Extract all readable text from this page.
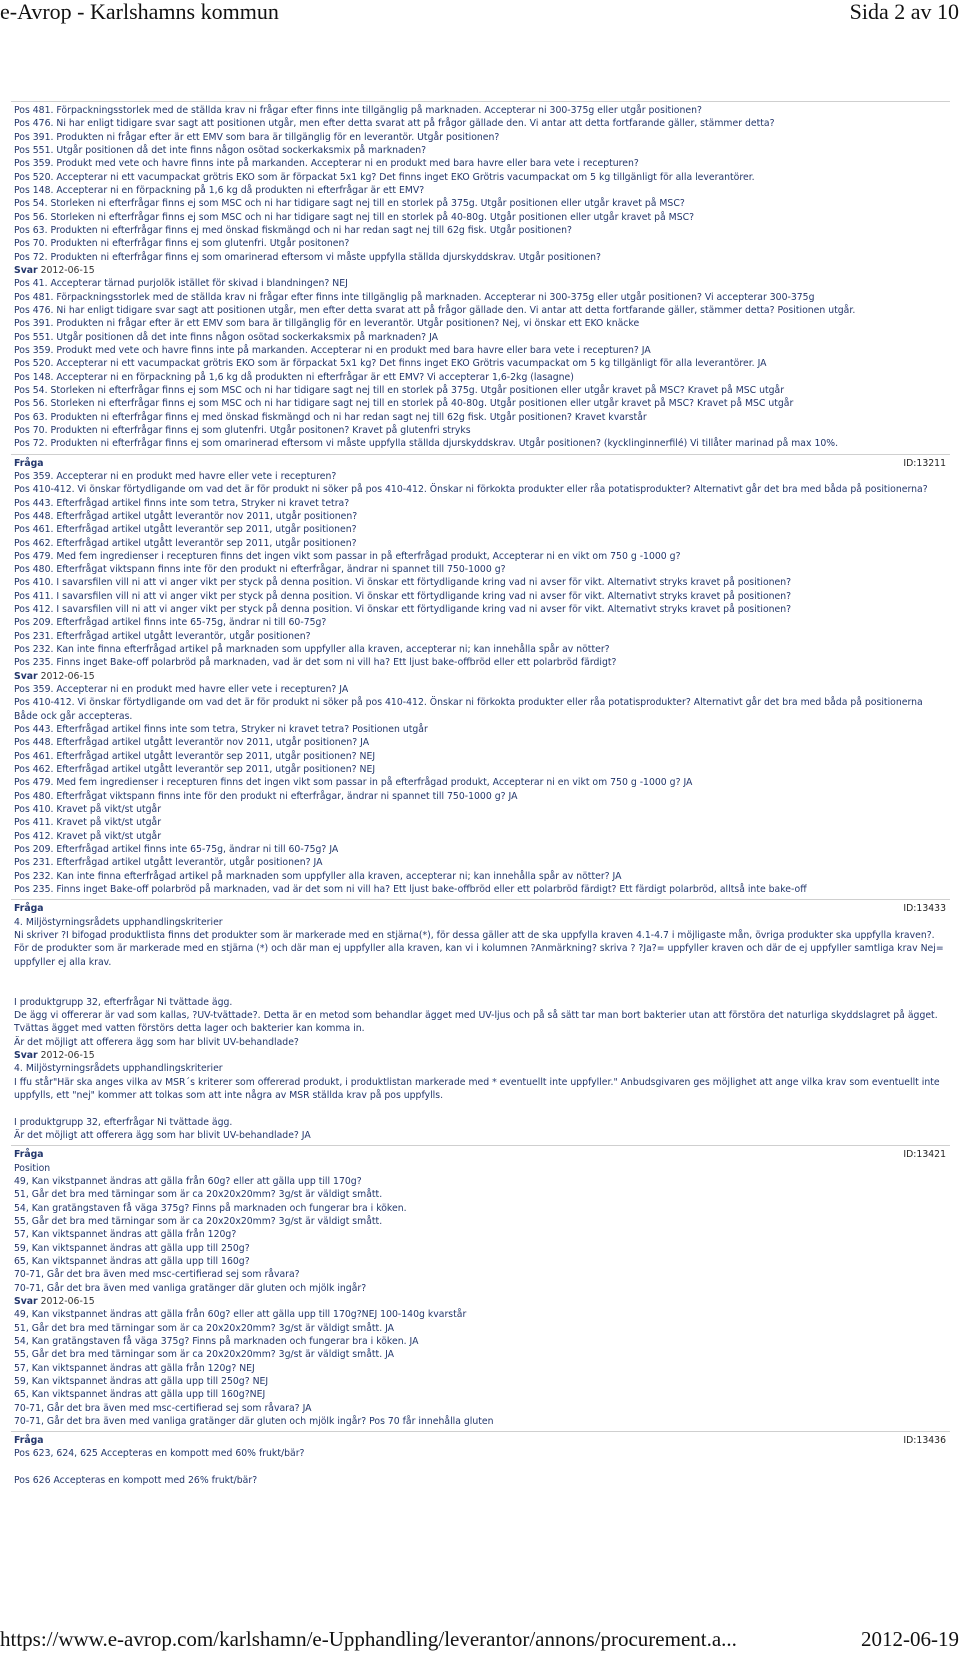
e-Avrop - Karlshamns kommun	Sida 2 av 10
Pos 481. Förpackningsstorlek med de ställda krav ni frågar efter finns inte tillgänglig på marknaden. Accepterar ni 300-375g eller utgår positionen?
Pos 476. Ni har enligt tidigare svar sagt att positionen utgår, men efter detta svarat att på frågor gällade den. Vi antar att detta fortfarande gäller, stämmer detta?
Pos 391. Produkten ni frågar efter är ett EMV som bara är tillgänglig för en leverantör. Utgår positionen?
Pos 551. Utgår positionen då det inte finns någon osötad sockerkaksmix på marknaden?
Pos 359. Produkt med vete och havre finns inte på markanden. Accepterar ni en produkt med bara havre eller bara vete i recepturen?
Pos 520. Accepterar ni ett vacumpackat grötris EKO som är förpackat 5x1 kg? Det finns inget EKO Grötris vacumpackat om 5 kg tillgänligt för alla leverantörer.
Pos 148. Accepterar ni en förpackning på 1,6 kg då produkten ni efterfrågar är ett EMV?
Pos 54. Storleken ni efterfrågar finns ej som MSC och ni har tidigare sagt nej till en storlek på 375g. Utgår positionen eller utgår kravet på MSC?
Pos 56. Storleken ni efterfrågar finns ej som MSC och ni har tidigare sagt nej till en storlek på 40-80g. Utgår positionen eller utgår kravet på MSC?
Pos 63. Produkten ni efterfrågar finns ej med önskad fiskmängd och ni har redan sagt nej till 62g fisk. Utgår positionen?
Pos 70. Produkten ni efterfrågar finns ej som glutenfri. Utgår positonen?
Pos 72. Produkten ni efterfrågar finns ej som omarinerad eftersom vi måste uppfylla ställda djurskyddskrav. Utgår positionen?
Svar 2012-06-15
Pos 41. Accepterar tärnad purjolök istället för skivad i blandningen? NEJ
Pos 481. Förpackningsstorlek med de ställda krav ni frågar efter finns inte tillgänglig på marknaden. Accepterar ni 300-375g eller utgår positionen? Vi accepterar 300-375g
Pos 476. Ni har enligt tidigare svar sagt att positionen utgår, men efter detta svarat att på frågor gällade den. Vi antar att detta fortfarande gäller, stämmer detta? Positionen utgår.
Pos 391. Produkten ni frågar efter är ett EMV som bara är tillgänglig för en leverantör. Utgår positionen? Nej, vi önskar ett EKO knäcke
Pos 551. Utgår positionen då det inte finns någon osötad sockerkaksmix på marknaden? JA
Pos 359. Produkt med vete och havre finns inte på markanden. Accepterar ni en produkt med bara havre eller bara vete i recepturen? JA
Pos 520. Accepterar ni ett vacumpackat grötris EKO som är förpackat 5x1 kg? Det finns inget EKO Grötris vacumpackat om 5 kg tillgänligt för alla leverantörer. JA
Pos 148. Accepterar ni en förpackning på 1,6 kg då produkten ni efterfrågar är ett EMV? Vi accepterar 1,6-2kg (lasagne)
Pos 54. Storleken ni efterfrågar finns ej som MSC och ni har tidigare sagt nej till en storlek på 375g. Utgår positionen eller utgår kravet på MSC? Kravet på MSC utgår
Pos 56. Storleken ni efterfrågar finns ej som MSC och ni har tidigare sagt nej till en storlek på 40-80g. Utgår positionen eller utgår kravet på MSC? Kravet på MSC utgår
Pos 63. Produkten ni efterfrågar finns ej med önskad fiskmängd och ni har redan sagt nej till 62g fisk. Utgår positionen? Kravet kvarstår
Pos 70. Produkten ni efterfrågar finns ej som glutenfri. Utgår positonen? Kravet på glutenfri stryks
Pos 72. Produkten ni efterfrågar finns ej som omarinerad eftersom vi måste uppfylla ställda djurskyddskrav. Utgår positionen? (kycklinginnerfilé) Vi tillåter marinad på max 10%.
Fråga	ID:13211
Pos 359. Accepterar ni en produkt med havre eller vete i recepturen?
Pos 410-412. Vi önskar förtydligande om vad det är för produkt ni söker på pos 410-412. Önskar ni förkokta produkter eller råa potatisprodukter? Alternativt går det bra med båda på positionerna?
Pos 443. Efterfrågad artikel finns inte som tetra, Stryker ni kravet tetra?
Pos 448. Efterfrågad artikel utgått leverantör nov 2011, utgår positionen?
Pos 461. Efterfrågad artikel utgått leverantör sep 2011, utgår positionen?
Pos 462. Efterfrågad artikel utgått leverantör sep 2011, utgår positionen?
Pos 479. Med fem ingredienser i recepturen finns det ingen vikt som passar in på efterfrågad produkt, Accepterar ni en vikt om 750 g -1000 g?
Pos 480. Efterfrågat viktspann finns inte för den produkt ni efterfrågar, ändrar ni spannet till 750-1000 g?
Pos 410. I savarsfilen vill ni att vi anger vikt per styck på denna position. Vi önskar ett förtydligande kring vad ni avser för vikt. Alternativt stryks kravet på positionen?
Pos 411. I savarsfilen vill ni att vi anger vikt per styck på denna position. Vi önskar ett förtydligande kring vad ni avser för vikt. Alternativt stryks kravet på positionen?
Pos 412. I savarsfilen vill ni att vi anger vikt per styck på denna position. Vi önskar ett förtydligande kring vad ni avser för vikt. Alternativt stryks kravet på positionen?
Pos 209. Efterfrågad artikel finns inte 65-75g, ändrar ni till 60-75g?
Pos 231. Efterfrågad artikel utgått leverantör, utgår positionen?
Pos 232. Kan inte finna efterfrågad artikel på marknaden som uppfyller alla kraven, accepterar ni; kan innehålla spår av nötter?
Pos 235. Finns inget Bake-off polarbröd på marknaden, vad är det som ni vill ha? Ett ljust bake-offbröd eller ett polarbröd färdigt?
Svar 2012-06-15
Pos 359. Accepterar ni en produkt med havre eller vete i recepturen? JA
Pos 410-412. Vi önskar förtydligande om vad det är för produkt ni söker på pos 410-412. Önskar ni förkokta produkter eller råa potatisprodukter? Alternativt går det bra med båda på positionerna Både ock går accepteras.
Pos 443. Efterfrågad artikel finns inte som tetra, Stryker ni kravet tetra? Positionen utgår
Pos 448. Efterfrågad artikel utgått leverantör nov 2011, utgår positionen? JA
Pos 461. Efterfrågad artikel utgått leverantör sep 2011, utgår positionen? NEJ
Pos 462. Efterfrågad artikel utgått leverantör sep 2011, utgår positionen? NEJ
Pos 479. Med fem ingredienser i recepturen finns det ingen vikt som passar in på efterfrågad produkt, Accepterar ni en vikt om 750 g -1000 g? JA
Pos 480. Efterfrågat viktspann finns inte för den produkt ni efterfrågar, ändrar ni spannet till 750-1000 g? JA
Pos 410. Kravet på vikt/st utgår
Pos 411. Kravet på vikt/st utgår
Pos 412. Kravet på vikt/st utgår
Pos 209. Efterfrågad artikel finns inte 65-75g, ändrar ni till 60-75g? JA
Pos 231. Efterfrågad artikel utgått leverantör, utgår positionen? JA
Pos 232. Kan inte finna efterfrågad artikel på marknaden som uppfyller alla kraven, accepterar ni; kan innehålla spår av nötter? JA
Pos 235. Finns inget Bake-off polarbröd på marknaden, vad är det som ni vill ha? Ett ljust bake-offbröd eller ett polarbröd färdigt? Ett färdigt polarbröd, alltså inte bake-off
Fråga	ID:13433
4. Miljöstyrningsrådets upphandlingskriterier
Ni skriver ?I bifogad produktlista finns det produkter som är markerade med en stjärna(*), för dessa gäller att de ska uppfylla kraven 4.1-4.7 i möjligaste mån, övriga produkter ska uppfylla kraven?.
För de produkter som är markerade med en stjärna (*) och där man ej uppfyller alla kraven, kan vi i kolumnen ?Anmärkning? skriva ? ?Ja?= uppfyller kraven och där de ej uppfyller samtliga krav Nej= uppfyller ej alla krav.

I produktgrupp 32, efterfrågar Ni tvättade ägg.
De ägg vi offererar är vad som kallas, ?UV-tvättade?. Detta är en metod som behandlar ägget med UV-ljus och på så sätt tar man bort bakterier utan att förstöra det naturliga skyddslagret på ägget.
Tvättas ägget med vatten förstörs detta lager och bakterier kan komma in.
Är det möjligt att offerera ägg som har blivit UV-behandlade?
Svar 2012-06-15
4. Miljöstyrningsrådets upphandlingskriterier
I ffu står"Här ska anges vilka av MSR´s kriterer som offererad produkt, i produktlistan markerade med * eventuellt inte uppfyller." Anbudsgivaren ges möjlighet att ange vilka krav som eventuellt inte uppfylls, ett "nej" kommer att tolkas som att inte några av MSR ställda krav på pos uppfylls.

I produktgrupp 32, efterfrågar Ni tvättade ägg.
Är det möjligt att offerera ägg som har blivit UV-behandlade? JA
Fråga	ID:13421
Position
49, Kan vikstpannet ändras att gälla från 60g? eller att gälla upp till 170g?
51, Går det bra med tärningar som är ca 20x20x20mm? 3g/st är väldigt smått.
54, Kan gratängstaven få väga 375g? Finns på marknaden och fungerar bra i köken.
55, Går det bra med tärningar som är ca 20x20x20mm? 3g/st är väldigt smått.
57, Kan viktspannet ändras att gälla från 120g?
59, Kan viktspannet ändras att gälla upp till 250g?
65, Kan viktspannet ändras att gälla upp till 160g?
70-71, Går det bra även med msc-certifierad sej som råvara?
70-71, Går det bra även med vanliga gratänger där gluten och mjölk ingår?
Svar 2012-06-15
49, Kan vikstpannet ändras att gälla från 60g? eller att gälla upp till 170g?NEJ 100-140g kvarstår
51, Går det bra med tärningar som är ca 20x20x20mm? 3g/st är väldigt smått. JA
54, Kan gratängstaven få väga 375g? Finns på marknaden och fungerar bra i köken. JA
55, Går det bra med tärningar som är ca 20x20x20mm? 3g/st är väldigt smått. JA
57, Kan viktspannet ändras att gälla från 120g? NEJ
59, Kan viktspannet ändras att gälla upp till 250g? NEJ
65, Kan viktspannet ändras att gälla upp till 160g?NEJ
70-71, Går det bra även med msc-certifierad sej som råvara? JA
70-71, Går det bra även med vanliga gratänger där gluten och mjölk ingår? Pos 70 får innehålla gluten
Fråga	ID:13436
Pos 623, 624, 625 Accepteras en kompott med 60% frukt/bär?

Pos 626 Accepteras en kompott med 26% frukt/bär?
https://www.e-avrop.com/karlshamn/e-Upphandling/leverantor/annons/procurement.a...	2012-06-19
